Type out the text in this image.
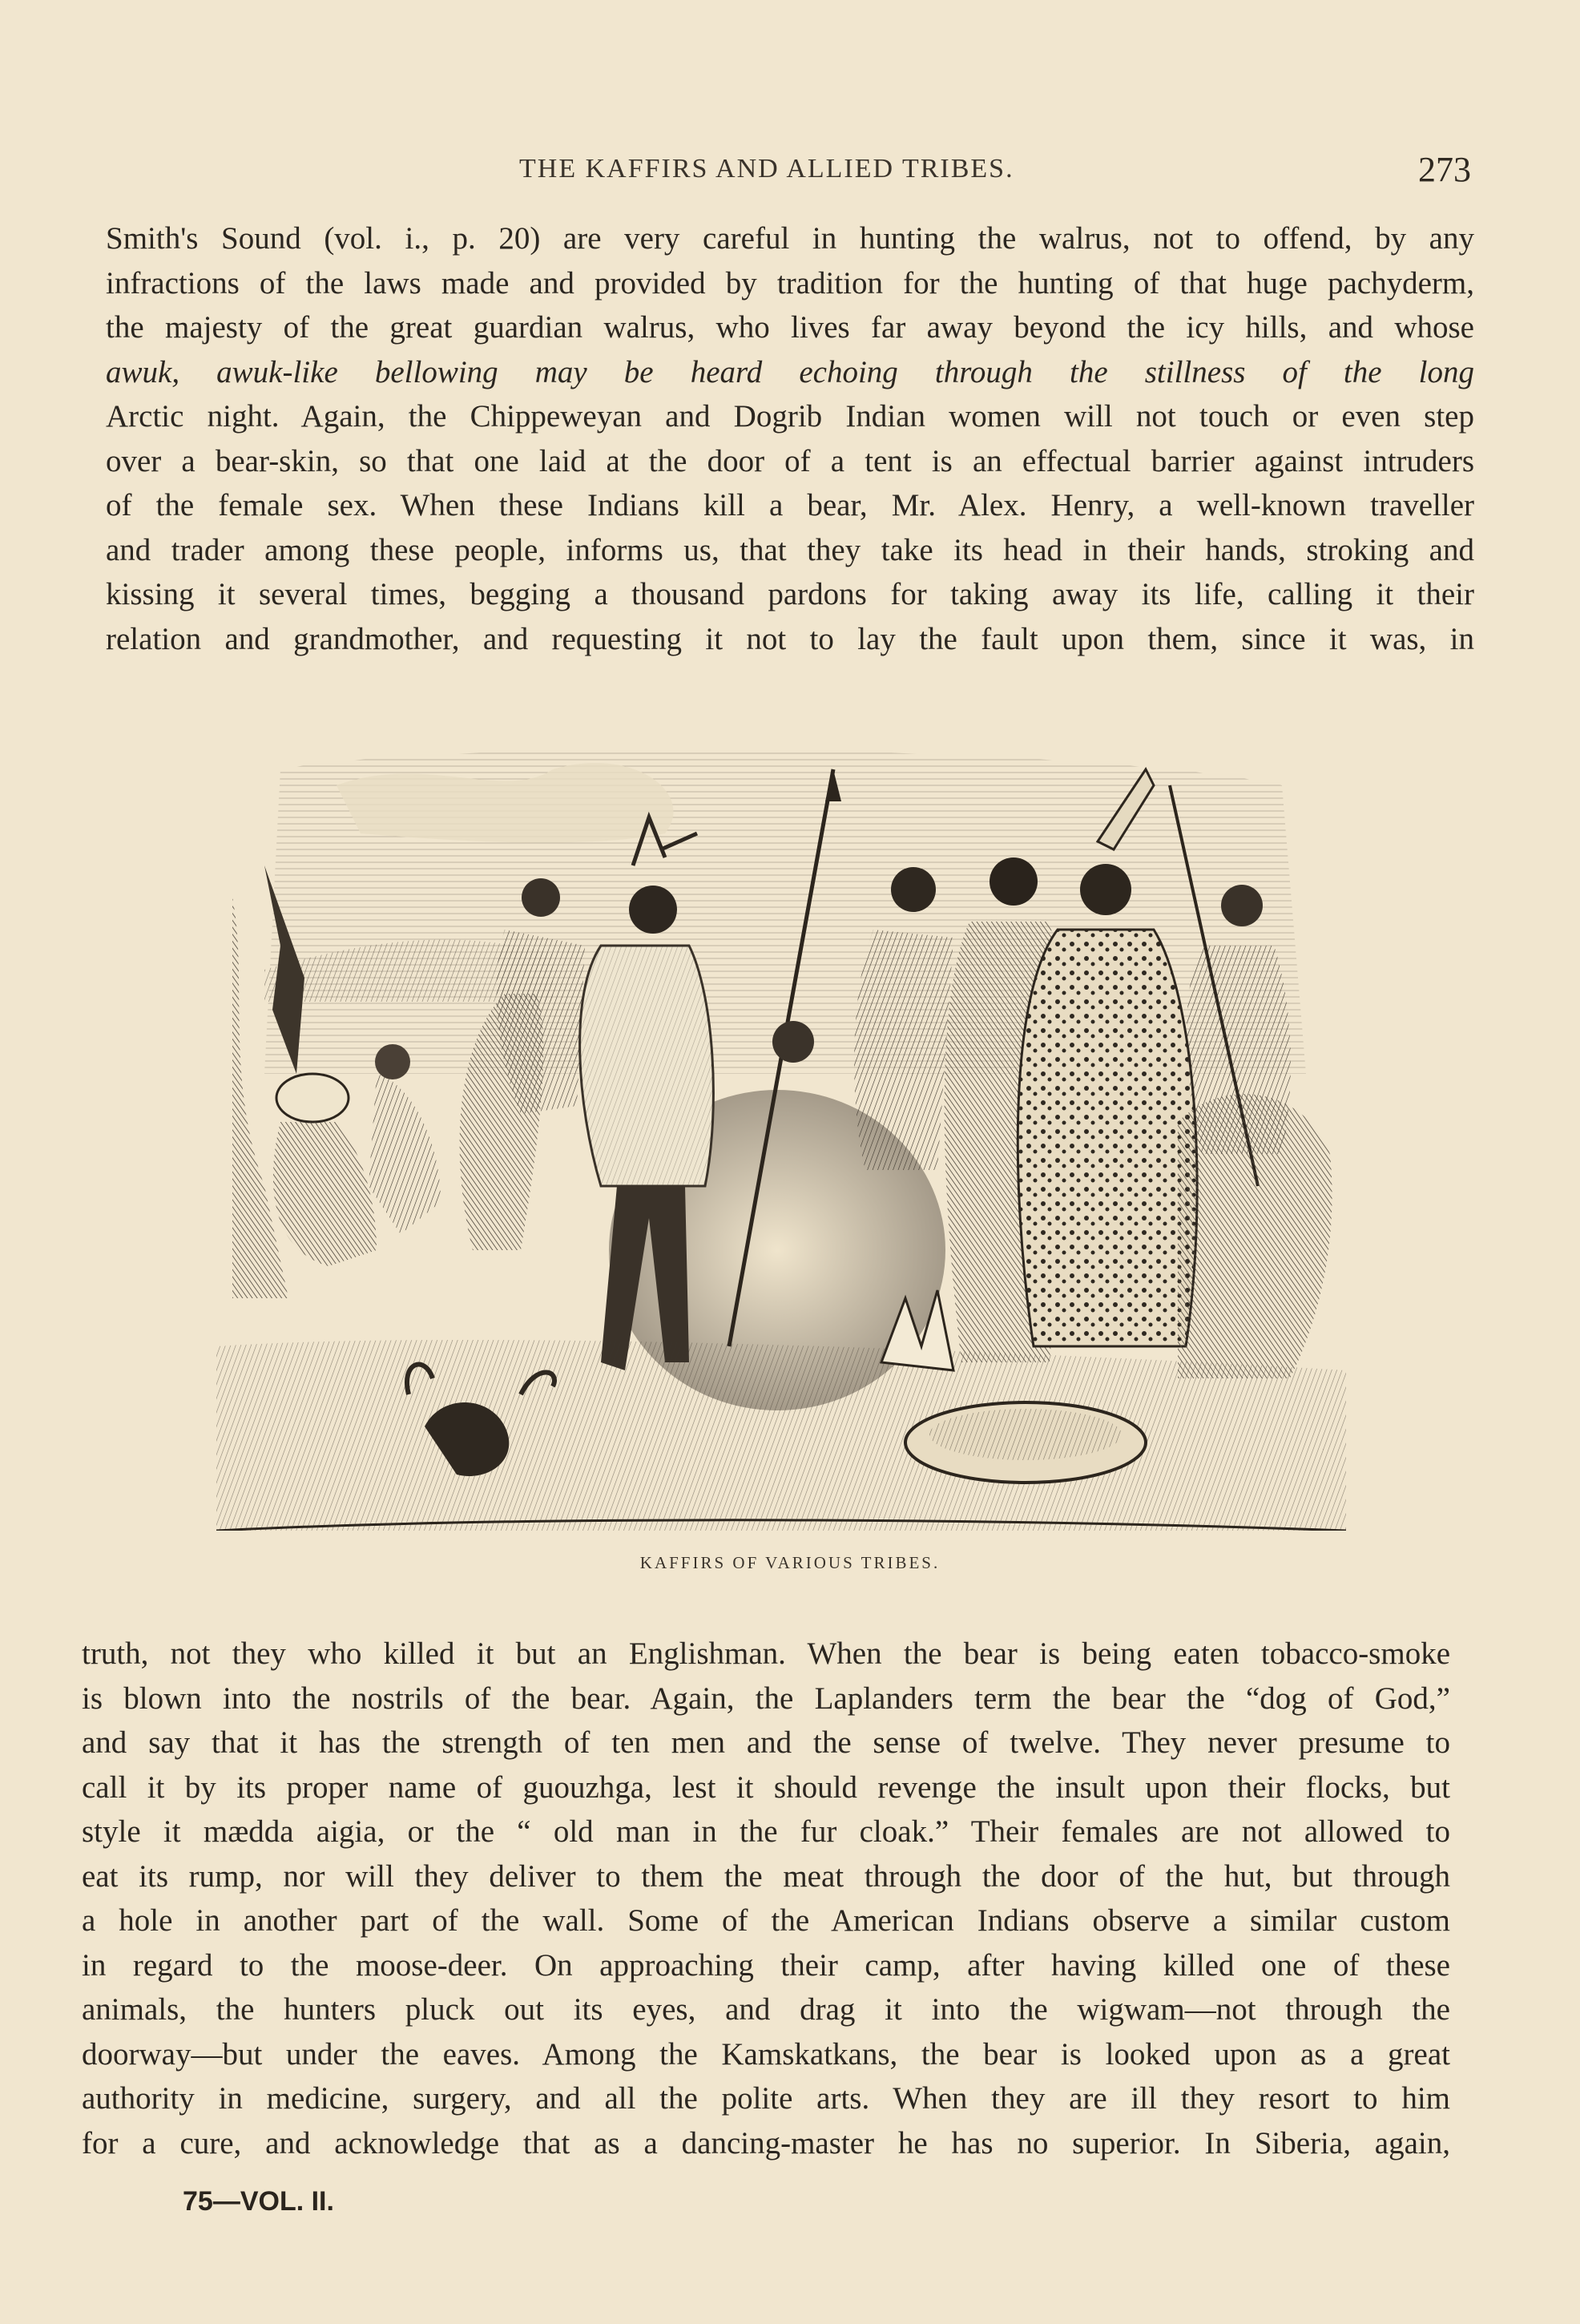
THE KAFFIRS AND ALLIED TRIBES.	273
Smith's Sound (vol. i., p. 20) are very careful in hunting the walrus, not to offend, by any
infractions of the laws made and provided by tradition for the hunting of that huge pachyderm,
the majesty of the great guardian walrus, who lives far away beyond the icy hills, and whose
awuk, awuk-like bellowing may be heard echoing through the stillness of the long
Arctic night. Again, the Chippeweyan and Dogrib Indian women will not touch or even step
over a bear-skin, so that one laid at the door of a tent is an effectual barrier against intruders
of the female sex. When these Indians kill a bear, Mr. Alex. Henry, a well-known traveller
and trader among these people, informs us, that they take its head in their hands, stroking and
kissing it several times, begging a thousand pardons for taking away its life, calling it their
relation and grandmother, and requesting it not to lay the fault upon them, since it was, in
KAFFIRS OF VARIOUS TRIBES.
truth, not they who killed it but an Englishman. When the bear is being eaten tobacco-smoke
is blown into the nostrils of the bear. Again, the Laplanders term the bear the “dog of God,”
and say that it has the strength of ten men and the sense of twelve. They never presume to
call it by its proper name of guouzhga, lest it should revenge the insult upon their flocks, but
style it mædda aigia, or the “ old man in the fur cloak.” Their females are not allowed to
eat its rump, nor will they deliver to them the meat through the door of the hut, but through
a hole in another part of the wall. Some of the American Indians observe a similar custom
in regard to the moose-deer. On approaching their camp, after having killed one of these
animals, the hunters pluck out its eyes, and drag it into the wigwam—not through the
doorway—but under the eaves. Among the Kamskatkans, the bear is looked upon as a great
authority in medicine, surgery, and all the polite arts. When they are ill they resort to him
for a cure, and acknowledge that as a dancing-master he has no superior. In Siberia, again,
75—VOL. II.
